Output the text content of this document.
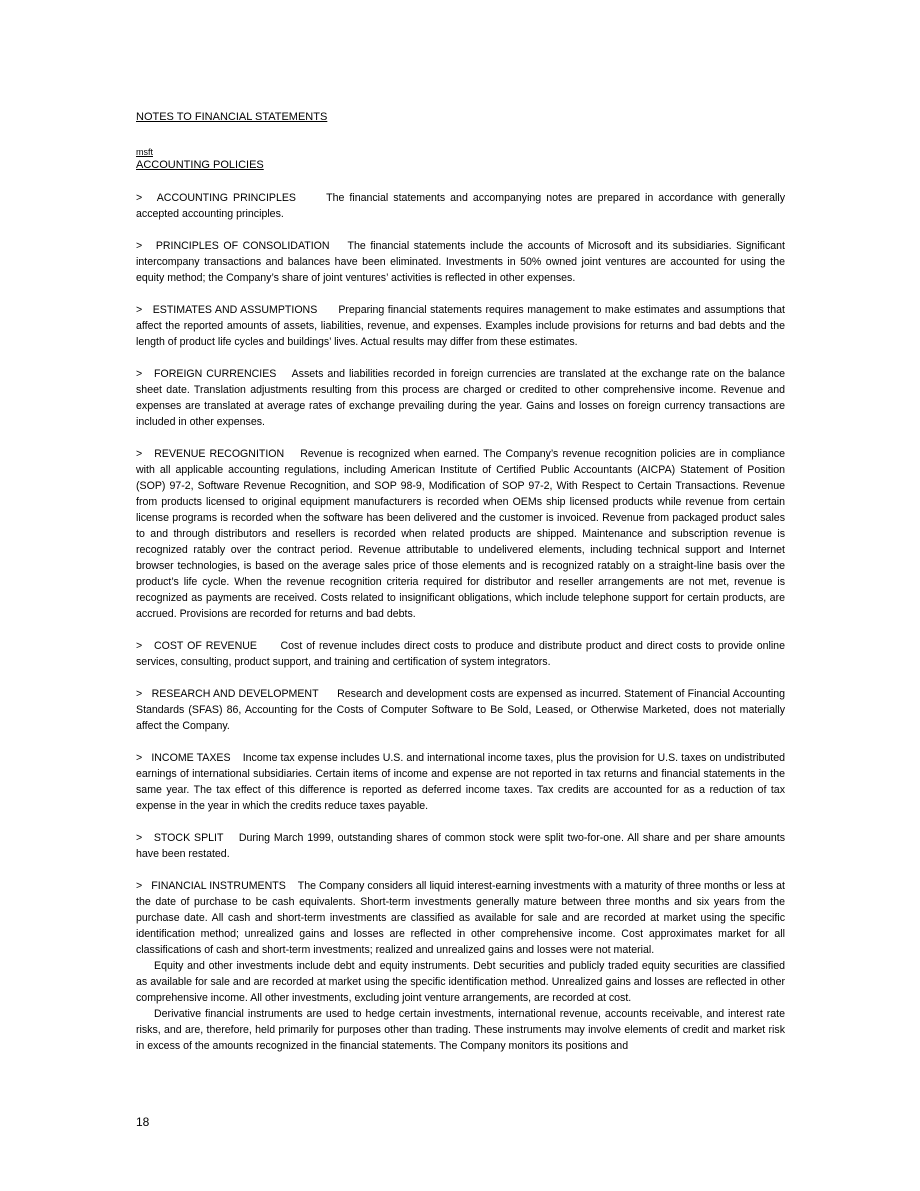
NOTES TO FINANCIAL STATEMENTS
msft
ACCOUNTING POLICIES

>   ACCOUNTING PRINCIPLES	The financial statements and accompanying notes are prepared in accordance with generally accepted accounting principles.

>   PRINCIPLES OF CONSOLIDATION The financial statements include the accounts of Microsoft and its subsidiaries. Significant intercompany transactions and balances have been eliminated. Investments in 50% owned joint ventures are accounted for using the equity method; the Company’s share of joint ventures’ activities is reflected in other expenses.

>   ESTIMATES AND ASSUMPTIONS Preparing financial statements requires management to make estimates and assumptions that affect the reported amounts of assets, liabilities, revenue, and expenses. Examples include provisions for returns and bad debts and the length of product life cycles and buildings’ lives. Actual results may differ from these estimates.

>   FOREIGN CURRENCIES Assets and liabilities recorded in foreign currencies are translated at the exchange rate on the balance sheet date. Translation adjustments resulting from this process are charged or credited to other comprehensive income. Revenue and expenses are translated at average rates of exchange prevailing during the year. Gains and losses on foreign currency transactions are included in other expenses.

>   REVENUE RECOGNITION Revenue is recognized when earned. The Company’s revenue recognition policies are in compliance with all applicable accounting regulations, including American Institute of Certified Public Accountants (AICPA) Statement of Position (SOP) 97-2, Software Revenue Recognition, and SOP 98-9, Modification of SOP 97-2, With Respect to Certain Transactions. Revenue from products licensed to original equipment manufacturers is recorded when OEMs ship licensed products while revenue from certain license programs is recorded when the software has been delivered and the customer is invoiced. Revenue from packaged product sales to and through distributors and resellers is recorded when related products are shipped. Maintenance and subscription revenue is recognized ratably over the contract period. Revenue attributable to undelivered elements, including technical support and Internet browser technologies, is based on the average sales price of those elements and is recognized ratably on a straight-line basis over the product’s life cycle. When the revenue recognition criteria required for distributor and reseller arrangements are not met, revenue is recognized as payments are received. Costs related to insignificant obligations, which include telephone support for certain products, are accrued. Provisions are recorded for returns and bad debts.

>   COST OF REVENUE Cost of revenue includes direct costs to produce and distribute product and direct costs to provide online services, consulting, product support, and training and certification of system integrators.

>   RESEARCH AND DEVELOPMENT Research and development costs are expensed as incurred. Statement of Financial Accounting Standards (SFAS) 86, Accounting for the Costs of Computer Software to Be Sold, Leased, or Otherwise Marketed, does not materially affect the Company.

>   INCOME TAXES Income tax expense includes U.S. and international income taxes, plus the provision for U.S. taxes on undistributed earnings of international subsidiaries. Certain items of income and expense are not reported in tax returns and financial statements in the same year. The tax effect of this difference is reported as deferred income taxes. Tax credits are accounted for as a reduction of tax expense in the year in which the credits reduce taxes payable.

>   STOCK SPLIT During March 1999, outstanding shares of common stock were split two-for-one. All share and per share amounts have been restated.

>   FINANCIAL INSTRUMENTS The Company considers all liquid interest-earning investments with a maturity of three months or less at the date of purchase to be cash equivalents. Short-term investments generally mature between three months and six years from the purchase date. All cash and short-term investments are classified as available for sale and are recorded at market using the specific identification method; unrealized gains and losses are reflected in other comprehensive income. Cost approximates market for all classifications of cash and short-term investments; realized and unrealized gains and losses were not material.

Equity and other investments include debt and equity instruments. Debt securities and publicly traded equity securities are classified as available for sale and are recorded at market using the specific identification method. Unrealized gains and losses are reflected in other comprehensive income. All other investments, excluding joint venture arrangements, are recorded at cost.

Derivative financial instruments are used to hedge certain investments, international revenue, accounts receivable, and interest rate risks, and are, therefore, held primarily for purposes other than trading. These instruments may involve elements of credit and market risk in excess of the amounts recognized in the financial statements. The Company monitors its positions and

18
